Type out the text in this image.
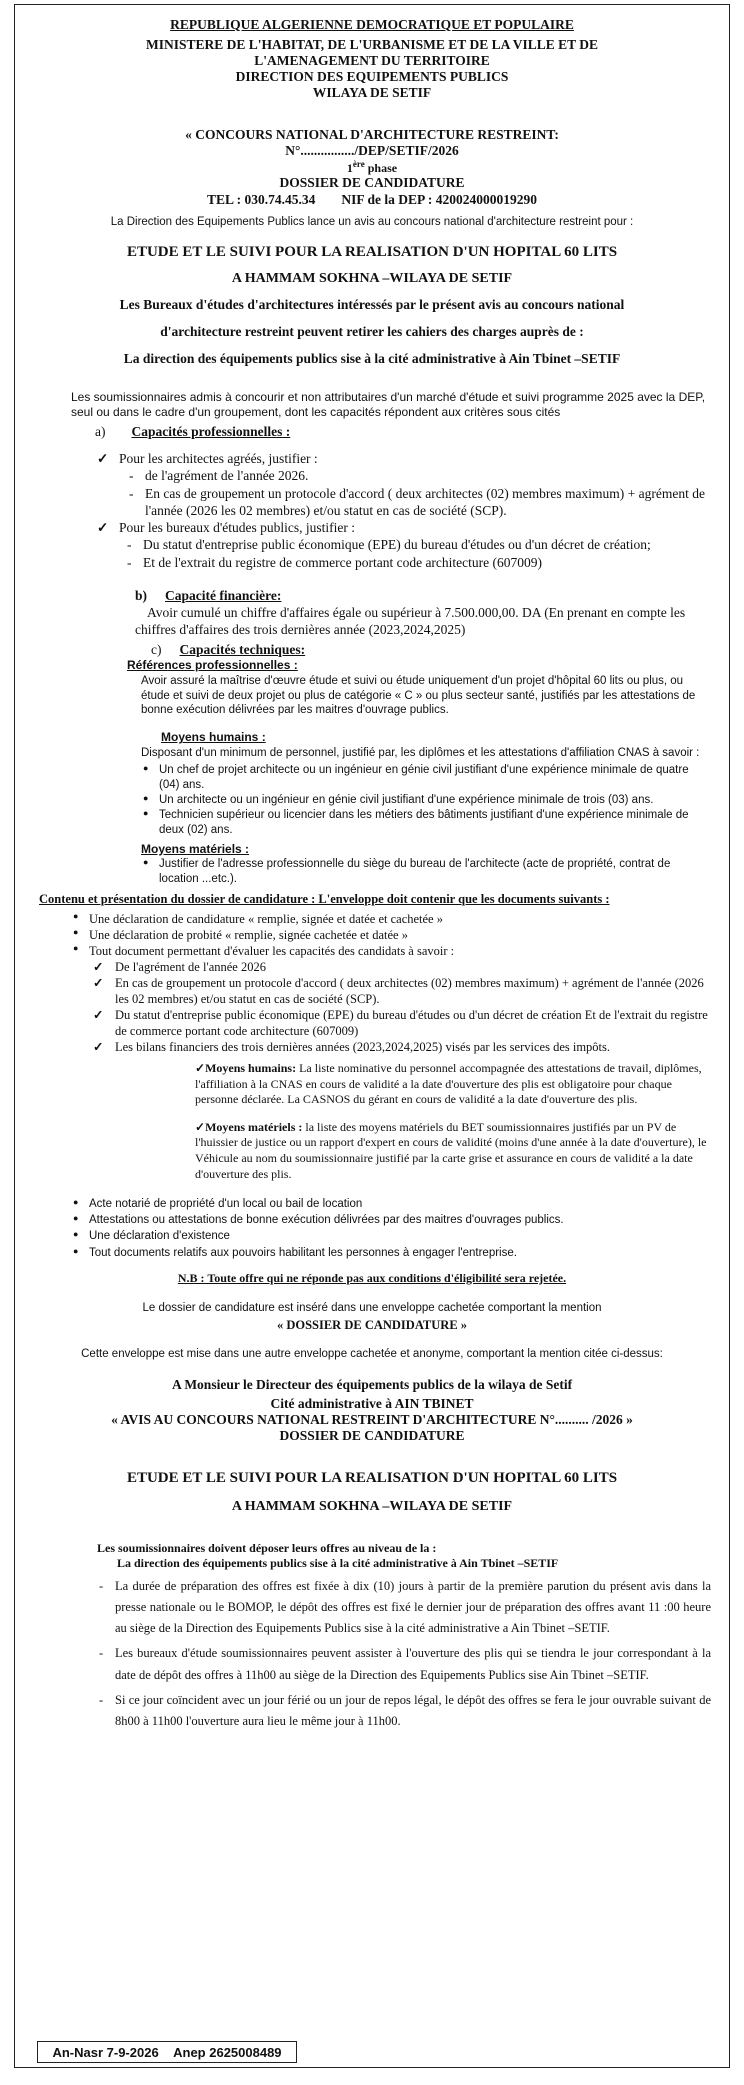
REPUBLIQUE ALGERIENNE DEMOCRATIQUE ET POPULAIRE
MINISTERE DE L'HABITAT, DE L'URBANISME ET DE LA VILLE ET DE
L'AMENAGEMENT DU TERRITOIRE
DIRECTION DES EQUIPEMENTS PUBLICS
WILAYA DE SETIF
« CONCOURS NATIONAL D'ARCHITECTURE RESTREINT:
N°................/DEP/SETIF/2026
1ère phase
DOSSIER DE CANDIDATURE
TEL : 030.74.45.34 NIF de la DEP : 420024000019290
La Direction des Equipements Publics lance un avis au concours national d'architecture restreint pour :
ETUDE ET LE SUIVI POUR LA REALISATION D'UN HOPITAL 60 LITS
A HAMMAM SOKHNA –WILAYA DE SETIF
Les Bureaux d'études d'architectures intéressés par le présent avis au concours national
d'architecture restreint peuvent retirer les cahiers des charges auprès de :
La direction des équipements publics sise à la cité administrative à Ain Tbinet –SETIF
Les soumissionnaires admis à concourir et non attributaires d'un marché d'étude et suivi programme 2025 avec la DEP, seul ou dans le cadre d'un groupement, dont les capacités répondent aux critères sous cités
a) Capacités professionnelles :
✓ Pour les architectes agréés, justifier :
- de l'agrément de l'année 2026.
- En cas de groupement un protocole d'accord ( deux architectes (02) membres maximum) + agrément de l'année (2026 les 02 membres) et/ou statut en cas de société (SCP).
✓ Pour les bureaux d'études publics, justifier :
- Du statut d'entreprise public économique (EPE) du bureau d'études ou d'un décret de création;
- Et de l'extrait du registre de commerce portant code architecture (607009)
b) Capacité financière:
Avoir cumulé un chiffre d'affaires égale ou supérieur à 7.500.000,00. DA (En prenant en compte les chiffres d'affaires des trois dernières année (2023,2024,2025)
c) Capacités techniques:
Références professionnelles :
Avoir assuré la maîtrise d'œuvre étude et suivi ou étude uniquement d'un projet d'hôpital 60 lits ou plus, ou étude et suivi de deux projet ou plus de catégorie « C » ou plus secteur santé, justifiés par les attestations de bonne exécution délivrées par les maitres d'ouvrage publics.
Moyens humains :
Disposant d'un minimum de personnel, justifié par, les diplômes et les attestations d'affiliation CNAS à savoir :
● Un chef de projet architecte ou un ingénieur en génie civil justifiant d'une expérience minimale de quatre (04) ans.
● Un architecte ou un ingénieur en génie civil justifiant d'une expérience minimale de trois (03) ans.
● Technicien supérieur ou licencier dans les métiers des bâtiments justifiant d'une expérience minimale de deux (02) ans.
Moyens matériels :
● Justifier de l'adresse professionnelle du siège du bureau de l'architecte (acte de propriété, contrat de location ...etc.).
Contenu et présentation du dossier de candidature : L'enveloppe doit contenir que les documents suivants :
● Une déclaration de candidature « remplie, signée et datée et cachetée »
● Une déclaration de probité « remplie, signée cachetée et datée »
● Tout document permettant d'évaluer les capacités des candidats à savoir :
✓ De l'agrément de l'année 2026
✓ En cas de groupement un protocole d'accord ( deux architectes (02) membres maximum) + agrément de l'année (2026 les 02 membres) et/ou statut en cas de société (SCP).
✓ Du statut d'entreprise public économique (EPE) du bureau d'études ou d'un décret de création Et de l'extrait du registre de commerce portant code architecture (607009)
✓ Les bilans financiers des trois dernières années (2023,2024,2025) visés par les services des impôts.
✓Moyens humains: La liste nominative du personnel accompagnée des attestations de travail, diplômes, l'affiliation à la CNAS en cours de validité a la date d'ouverture des plis est obligatoire pour chaque personne déclarée. La CASNOS du gérant en cours de validité a la date d'ouverture des plis.
✓Moyens matériels : la liste des moyens matériels du BET soumissionnaires justifiés par un PV de l'huissier de justice ou un rapport d'expert en cours de validité (moins d'une année à la date d'ouverture), le Véhicule au nom du soumissionnaire justifié par la carte grise et assurance en cours de validité a la date d'ouverture des plis.
● Acte notarié de propriété d'un local ou bail de location
● Attestations ou attestations de bonne exécution délivrées par des maitres d'ouvrages publics.
● Une déclaration d'existence
● Tout documents relatifs aux pouvoirs habilitant les personnes à engager l'entreprise.
N.B : Toute offre qui ne réponde pas aux conditions d'éligibilité sera rejetée.
Le dossier de candidature est inséré dans une enveloppe cachetée comportant la mention
« DOSSIER DE CANDIDATURE »
Cette enveloppe est mise dans une autre enveloppe cachetée et anonyme, comportant la mention citée ci-dessus:
A Monsieur le Directeur des équipements publics de la wilaya de Setif
Cité administrative à AIN TBINET
« AVIS AU CONCOURS NATIONAL RESTREINT D'ARCHITECTURE N°.......... /2026 »
DOSSIER DE CANDIDATURE
ETUDE ET LE SUIVI POUR LA REALISATION D'UN HOPITAL 60 LITS
A HAMMAM SOKHNA –WILAYA DE SETIF
Les soumissionnaires doivent déposer leurs offres au niveau de la :
La direction des équipements publics sise à la cité administrative à Ain Tbinet –SETIF
- La durée de préparation des offres est fixée à dix (10) jours à partir de la première parution du présent avis dans la presse nationale ou le BOMOP, le dépôt des offres est fixé le dernier jour de préparation des offres avant 11 :00 heure au siège de la Direction des Equipements Publics sise à la cité administrative a Ain Tbinet –SETIF.
- Les bureaux d'étude soumissionnaires peuvent assister à l'ouverture des plis qui se tiendra le jour correspondant à la date de dépôt des offres à 11h00 au siège de la Direction des Equipements Publics sise Ain Tbinet –SETIF.
- Si ce jour coïncident avec un jour férié ou un jour de repos légal, le dépôt des offres se fera le jour ouvrable suivant de 8h00 à 11h00 l'ouverture aura lieu le même jour à 11h00.
An-Nasr 7-9-2026 Anep 2625008489
